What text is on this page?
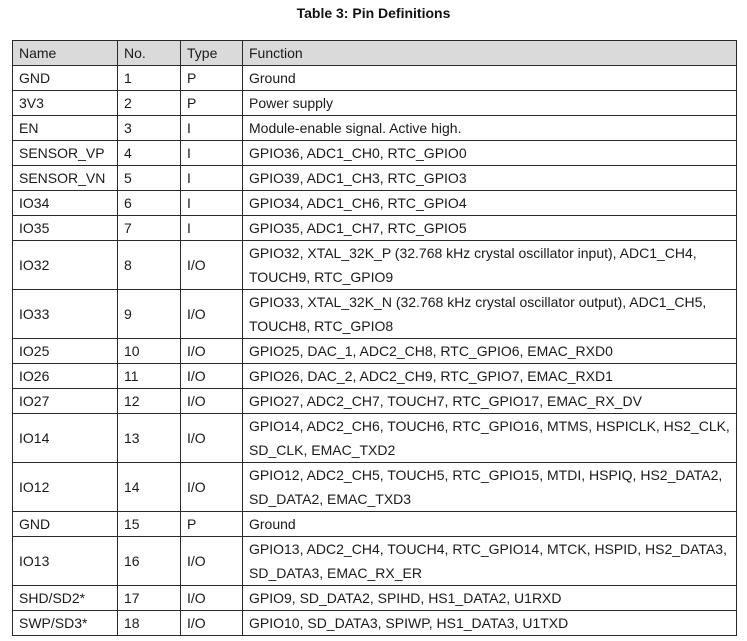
Table 3: Pin Definitions
Name	No.	Type	Function
GND	1	P	Ground
3V3	2	P	Power supply
EN	3	I	Module-enable signal. Active high.
SENSOR_VP	4	I	GPIO36, ADC1_CH0, RTC_GPIO0
SENSOR_VN	5	I	GPIO39, ADC1_CH3, RTC_GPIO3
IO34	6	I	GPIO34, ADC1_CH6, RTC_GPIO4
IO35	7	I	GPIO35, ADC1_CH7, RTC_GPIO5
IO32	8	I/O	GPIO32, XTAL_32K_P (32.768 kHz crystal oscillator input), ADC1_CH4, TOUCH9, RTC_GPIO9
IO33	9	I/O	GPIO33, XTAL_32K_N (32.768 kHz crystal oscillator output), ADC1_CH5, TOUCH8, RTC_GPIO8
IO25	10	I/O	GPIO25, DAC_1, ADC2_CH8, RTC_GPIO6, EMAC_RXD0
IO26	11	I/O	GPIO26, DAC_2, ADC2_CH9, RTC_GPIO7, EMAC_RXD1
IO27	12	I/O	GPIO27, ADC2_CH7, TOUCH7, RTC_GPIO17, EMAC_RX_DV
IO14	13	I/O	GPIO14, ADC2_CH6, TOUCH6, RTC_GPIO16, MTMS, HSPICLK, HS2_CLK, SD_CLK, EMAC_TXD2
IO12	14	I/O	GPIO12, ADC2_CH5, TOUCH5, RTC_GPIO15, MTDI, HSPIQ, HS2_DATA2, SD_DATA2, EMAC_TXD3
GND	15	P	Ground
IO13	16	I/O	GPIO13, ADC2_CH4, TOUCH4, RTC_GPIO14, MTCK, HSPID, HS2_DATA3, SD_DATA3, EMAC_RX_ER
SHD/SD2*	17	I/O	GPIO9, SD_DATA2, SPIHD, HS1_DATA2, U1RXD
SWP/SD3*	18	I/O	GPIO10, SD_DATA3, SPIWP, HS1_DATA3, U1TXD
